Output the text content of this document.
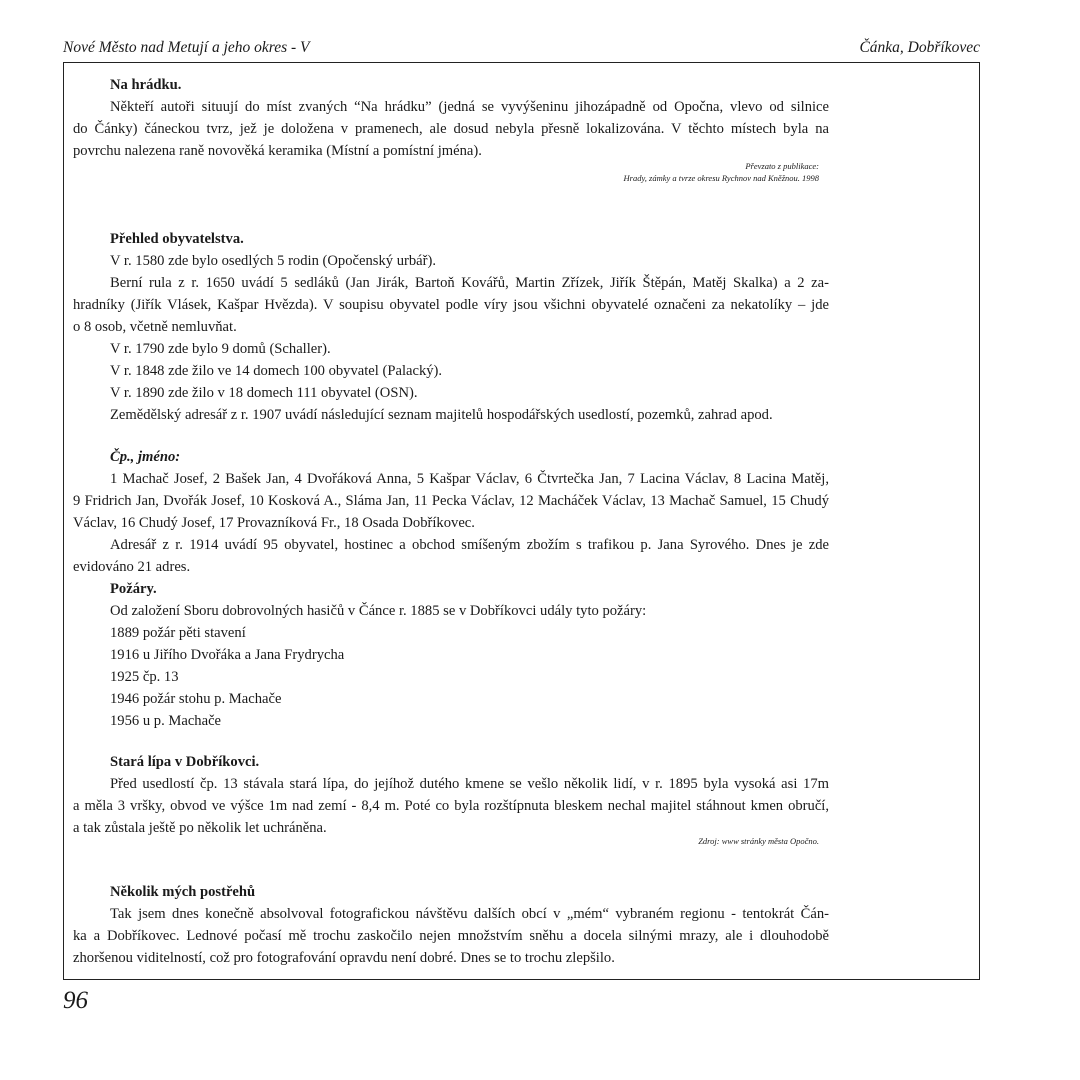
Nové Město nad Metují a jeho okres - V	Čánka, Dobříkovec
Na hrádku.
Někteří autoři situují do míst zvaných “Na hrádku” (jedná se vyvýšeninu jihozápadně od Opočna, vlevo od silnice
do Čánky) čáneckou tvrz, jež je doložena v pramenech, ale dosud nebyla přesně lokalizována. V těchto místech byla na
povrchu nalezena raně novověká keramika (Místní a pomístní jména).
Převzato z publikace:
Hrady, zámky a tvrze okresu Rychnov nad Kněžnou. 1998
Přehled obyvatelstva.
V r. 1580 zde bylo osedlých 5 rodin (Opočenský urbář).
Berní rula z r. 1650 uvádí 5 sedláků (Jan Jirák, Bartoň Kovářů, Martin Zřízek, Jiřík Štěpán, Matěj Skalka) a 2 za-
hradníky (Jiřík Vlásek, Kašpar Hvězda). V soupisu obyvatel podle víry jsou všichni obyvatelé označeni za nekatolíky – jde
o 8 osob, včetně nemluvňat.
V r. 1790 zde bylo 9 domů (Schaller).
V r. 1848 zde žilo ve 14 domech 100 obyvatel (Palacký).
V r. 1890 zde žilo v 18 domech 111 obyvatel (OSN).
Zemědělský adresář z r. 1907 uvádí následující seznam majitelů hospodářských usedlostí, pozemků, zahrad apod.
Čp., jméno:
1 Machač Josef, 2 Bašek Jan, 4 Dvořáková Anna, 5 Kašpar Václav, 6 Čtvrtečka Jan, 7 Lacina Václav, 8 Lacina Matěj,
9 Fridrich Jan, Dvořák Josef, 10 Kosková A., Sláma Jan, 11 Pecka Václav, 12 Macháček Václav, 13 Machač Samuel, 15 Chudý
Václav, 16 Chudý Josef, 17 Provazníková Fr., 18 Osada Dobříkovec.
Adresář z r. 1914 uvádí 95 obyvatel, hostinec a obchod smíšeným zbožím s trafikou p. Jana Syrového. Dnes je zde
evidováno 21 adres.
Požáry.
Od založení Sboru dobrovolných hasičů v Čánce r. 1885 se v Dobříkovci udály tyto požáry:
1889 požár pěti stavení
1916 u Jiřího Dvořáka a Jana Frydrycha
1925 čp. 13
1946 požár stohu p. Machače
1956 u p. Machače
Stará lípa v Dobříkovci.
Před usedlostí čp. 13 stávala stará lípa, do jejíhož dutého kmene se vešlo několik lidí, v r. 1895 byla vysoká asi 17m
a měla 3 vršky, obvod ve výšce 1m nad zemí - 8,4 m. Poté co byla rozštípnuta bleskem nechal majitel stáhnout kmen obručí,
a tak zůstala ještě po několik let uchráněna.
Zdroj: www stránky města Opočno.
Několik mých postřehů
Tak jsem dnes konečně absolvoval fotografickou návštěvu dalších obcí v „mém“ vybraném regionu - tentokrát Čán-
ka a Dobříkovec. Lednové počasí mě trochu zaskočilo nejen množstvím sněhu a docela silnými mrazy, ale i dlouhodobě
zhoršenou viditelností, což pro fotografování opravdu není dobré. Dnes se to trochu zlepšilo.
96
